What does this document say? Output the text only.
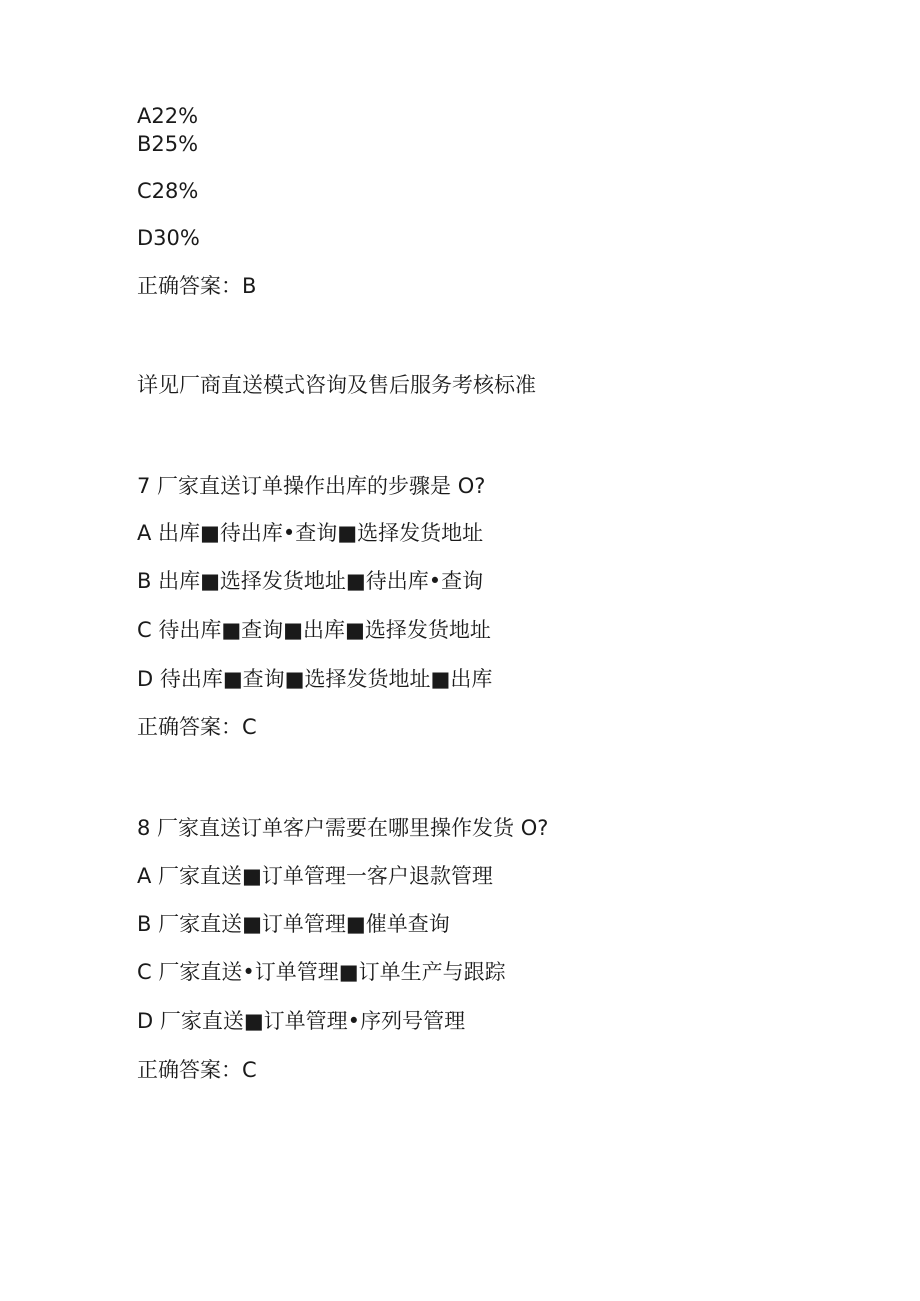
A22%
B25%
C28%
D30%
正确答案：B
详见厂商直送模式咨询及售后服务考核标准
7 厂家直送订单操作出库的步骤是 O?
A 出库■待出库•查询■选择发货地址
B 出库■选择发货地址■待出库•查询
C 待出库■查询■出库■选择发货地址
D 待出库■查询■选择发货地址■出库
正确答案：C
8 厂家直送订单客户需要在哪里操作发货 O?
A 厂家直送■订单管理一客户退款管理
B 厂家直送■订单管理■催单查询
C 厂家直送•订单管理■订单生产与跟踪
D 厂家直送■订单管理•序列号管理
正确答案：C
